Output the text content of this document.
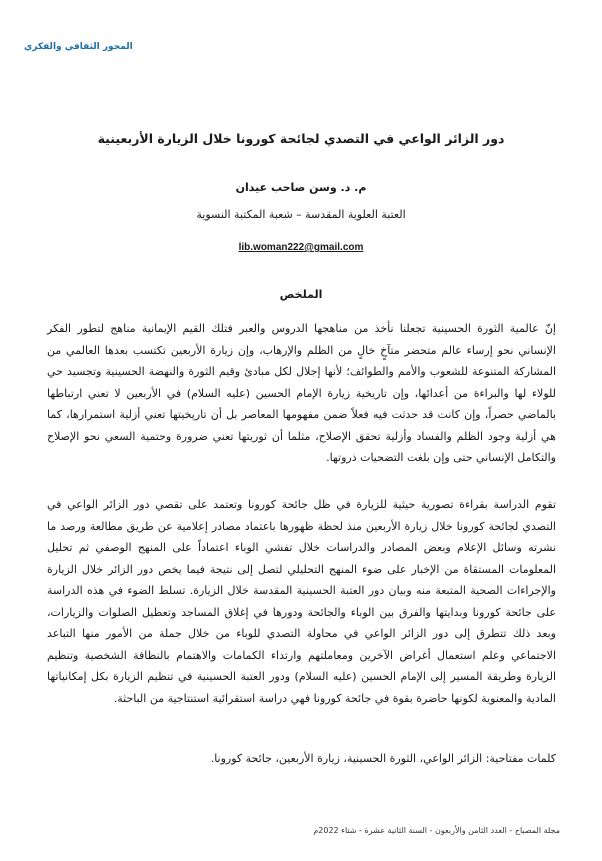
المحور الثقافي والفكري
دور الزائر الواعي في التصدي لجائحة كورونا خلال الزيارة الأربعينية
م. د. وسن صاحب عيدان
العتبة العلوية المقدسة – شعبة المكتبة النسوية
lib.woman222@gmail.com
الملخص
إنّ عالمية الثورة الحسينية تجعلنا نأخذ من مناهجها الدروس والعبر فتلك القيم الإيمانية مناهج لتطور الفكر الإنساني نحو إرساء عالم متحضر متآخٍ خالٍ من الظلم والإرهاب، وإن زيارة الأربعين تكتسب بعدها العالمي من المشاركة المتنوعة للشعوب والأمم والطوائف؛ لأنها إجلال لكل مبادئ وقيم الثورة والنهضة الحسينية وتجسيد حي للولاء لها والبراءة من أعدائها، وإن تاريخية زيارة الإمام الحسين (عليه السلام) في الأربعين لا تعني ارتباطها بالماضي حصراً، وإن كانت قد حدثت فيه فعلاً ضمن مفهومها المعاصر بل أن تاريخيتها تعني أزلية استمرارها، كما هي أزلية وجود الظلم والفساد وأزلية تحقق الإصلاح، مثلما أن ثوريتها تعني ضرورة وحتمية السعي نحو الإصلاح والتكامل الإنساني حتى وإن بلغت التضحيات ذروتها.
تقوم الدراسة بقراءة تصورية حيثية للزيارة في ظل جائحة كورونا وتعتمد على تقصي دور الزائر الواعي في التصدي لجائحة كورونا خلال زيارة الأربعين منذ لحظة ظهورها باعتماد مصادر إعلامية عن طريق مطالعة ورصد ما نشرته وسائل الإعلام وبعض المصادر والدراسات خلال تفشي الوباء اعتماداً على المنهج الوصفي ثم تحليل المعلومات المستقاة من الإخبار على ضوء المنهج التحليلي لتصل إلى نتيجة فيما يخص دور الزائر خلال الزيارة والإجراءات الصحية المتبعة منه وبيان دور العتبة الحسينية المقدسة خلال الزيارة. تسلط الضوء في هذه الدراسة على جائحة كورونا وبدايتها والفرق بين الوباء والجائحة ودورها في إغلاق المساجد وتعطيل الصلوات والزيارات، وبعد ذلك تتطرق إلى دور الزائر الواعي في محاولة التصدي للوباء من خلال جملة من الأمور منها التباعد الاجتماعي وعلم استعمال أغراض الآخرين ومعاملتهم وارتداء الكمامات والاهتمام بالنظافة الشخصية وتنظيم الزيارة وطريقة المسير إلى الإمام الحسين (عليه السلام) ودور العتبة الحسينية في تنظيم الزيارة بكل إمكانياتها المادية والمعنوية لكونها حاضرة بقوة في جائحة كورونا فهي دراسة استقرائية استنتاجية من الباحثة.
كلمات مفتاحية: الزائر الواعي، الثورة الحسينية، زيارة الأربعين، جائحة كورونا.
مجلة المصباح - العدد الثامن والأربعون - السنة الثانية عشرة - شتاء 2022م
